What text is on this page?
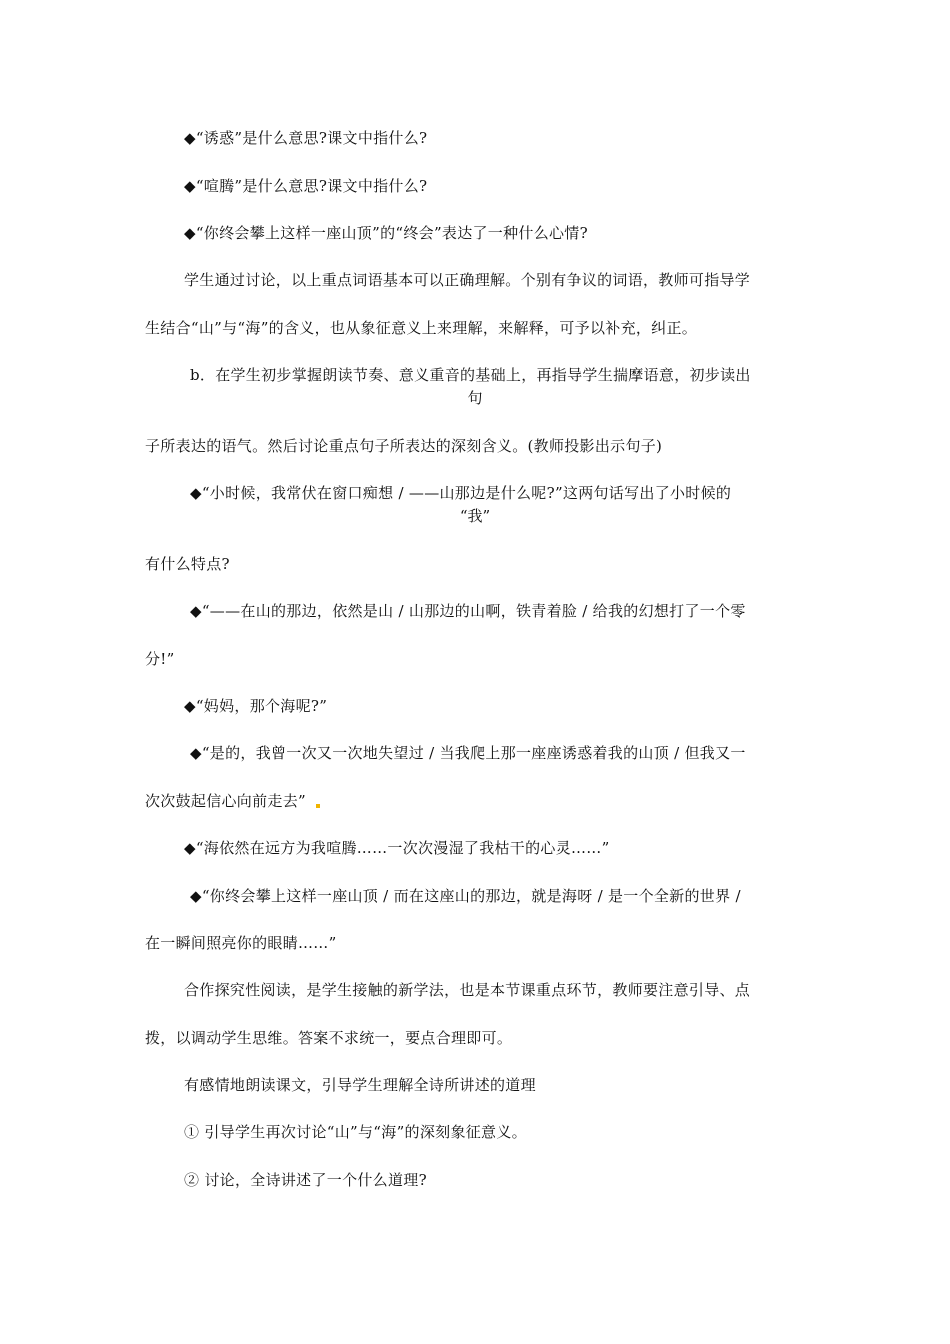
◆“诱惑”是什么意思?课文中指什么?
◆“喧腾”是什么意思?课文中指什么?
◆“你终会攀上这样一座山顶”的“终会”表达了一种什么心情?
学生通过讨论，以上重点词语基本可以正确理解。个别有争议的词语，教师可指导学
生结合“山”与“海”的含义，也从象征意义上来理解，来解释，可予以补充，纠正。
b．在学生初步掌握朗读节奏、意义重音的基础上，再指导学生揣摩语意，初步读出
句
子所表达的语气。然后讨论重点句子所表达的深刻含义。(教师投影出示句子)
◆“小时候，我常伏在窗口痴想 / ——山那边是什么呢?”这两句话写出了小时候的
“我”
有什么特点?
◆“——在山的那边，依然是山 / 山那边的山啊，铁青着脸 / 给我的幻想打了一个零
分!”
◆“妈妈，那个海呢?”
◆“是的，我曾一次又一次地失望过 / 当我爬上那一座座诱惑着我的山顶 / 但我又一
次次鼓起信心向前走去”
◆“海依然在远方为我喧腾……一次次漫湿了我枯干的心灵……”
◆“你终会攀上这样一座山顶 / 而在这座山的那边，就是海呀 / 是一个全新的世界 /
在一瞬间照亮你的眼睛……”
合作探究性阅读，是学生接触的新学法，也是本节课重点环节，教师要注意引导、点
拨，以调动学生思维。答案不求统一，要点合理即可。
有感情地朗读课文，引导学生理解全诗所讲述的道理
① 引导学生再次讨论“山”与“海”的深刻象征意义。
② 讨论，全诗讲述了一个什么道理?
